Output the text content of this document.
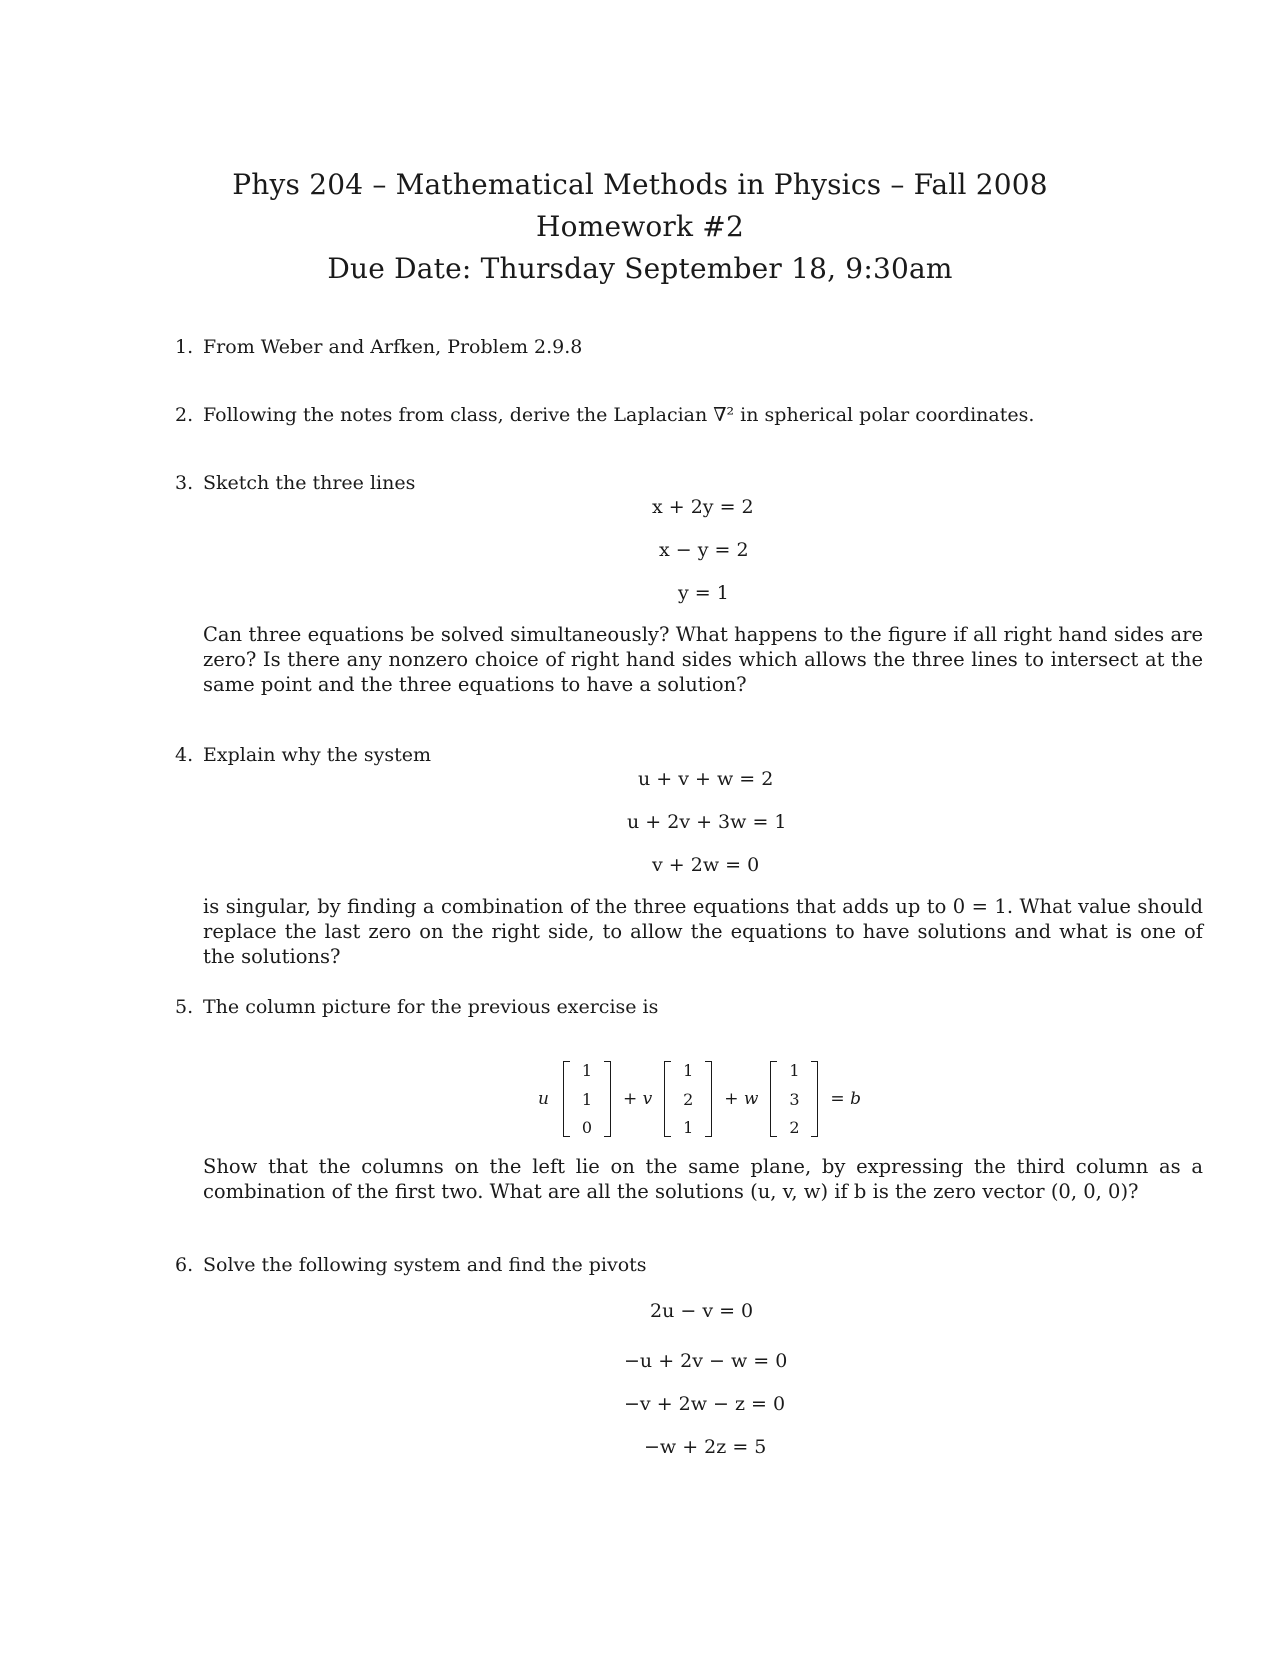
Phys 204 – Mathematical Methods in Physics – Fall 2008
Homework #2
Due Date: Thursday September 18, 9:30am
1. From Weber and Arfken, Problem 2.9.8
2. Following the notes from class, derive the Laplacian ∇² in spherical polar coordinates.
3. Sketch the three lines
x + 2y = 2
x − y = 2
y = 1
Can three equations be solved simultaneously? What happens to the figure if all right hand sides are zero? Is there any nonzero choice of right hand sides which allows the three lines to intersect at the same point and the three equations to have a solution?
4. Explain why the system
u + v + w = 2
u + 2v + 3w = 1
v + 2w = 0
is singular, by finding a combination of the three equations that adds up to 0 = 1. What value should replace the last zero on the right side, to allow the equations to have solutions and what is one of the solutions?
5. The column picture for the previous exercise is
u
1
1
0
+ v
1
2
1
+ w
1
3
2
= b
Show that the columns on the left lie on the same plane, by expressing the third column as a combination of the first two. What are all the solutions (u, v, w) if b is the zero vector (0, 0, 0)?
6. Solve the following system and find the pivots
2u − v = 0
−u + 2v − w = 0
−v + 2w − z = 0
−w + 2z = 5
